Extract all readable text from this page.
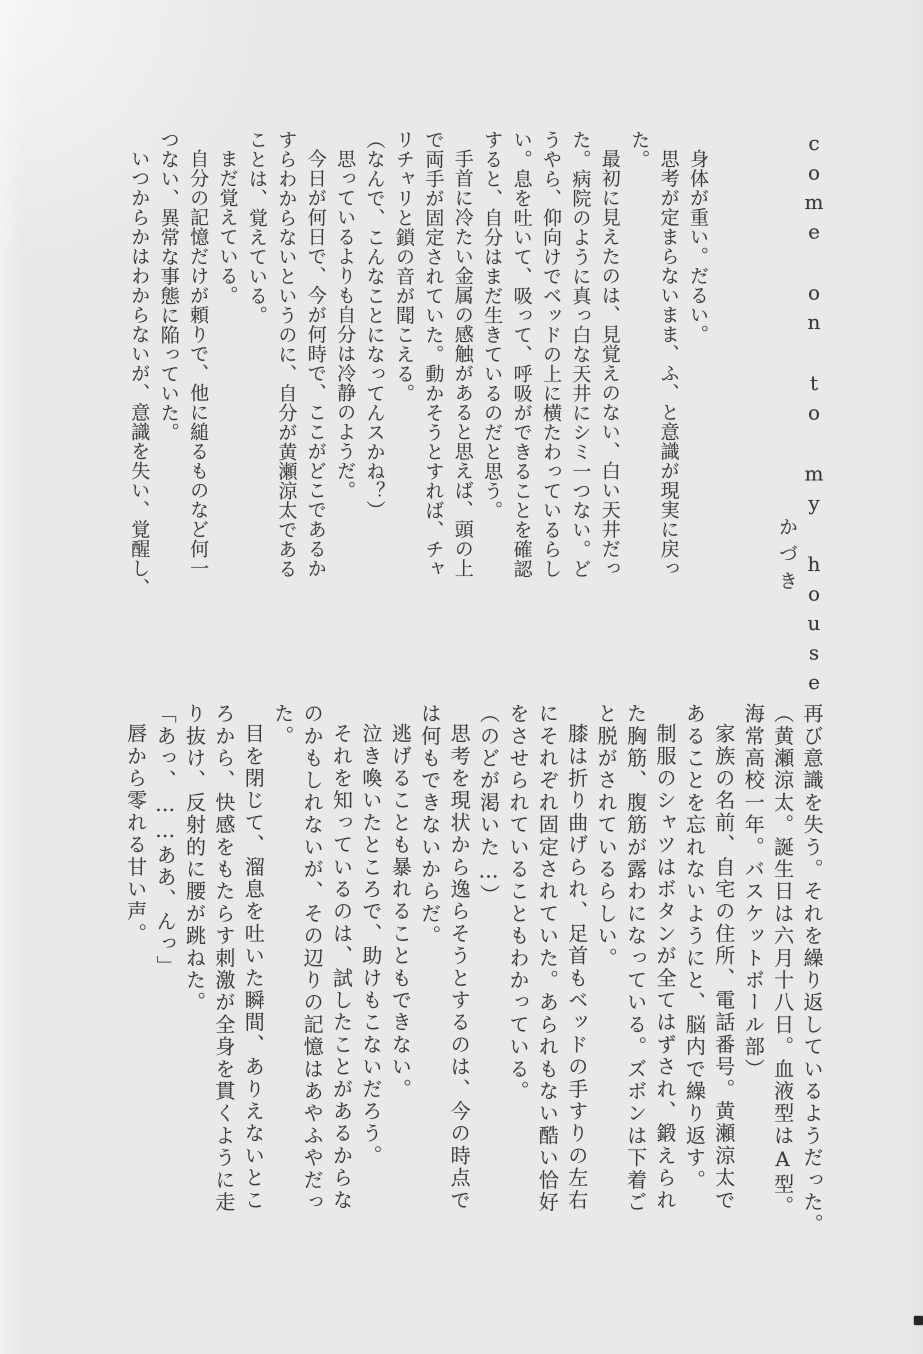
come on to my house

かづき

身体が重い。だるい。

思考が定まらないまま、ふ、と意識が現実に戻っ

た。

最初に見えたのは、見覚えのない、白い天井だっ

た。病院のように真っ白な天井にシミ一つない。ど

うやら、仰向けでベッドの上に横たわっているらし

い。息を吐いて、吸って、呼吸ができることを確認

すると、自分はまだ生きているのだと思う。

手首に冷たい金属の感触があると思えば、頭の上

で両手が固定されていた。動かそうとすれば、チャ

リチャリと鎖の音が聞こえる。

（なんで、こんなことになってんスかね？）

思っているよりも自分は冷静のようだ。

今日が何日で、今が何時で、ここがどこであるか

すらわからないというのに、自分が黄瀬涼太である

ことは、覚えている。

まだ覚えている。

自分の記憶だけが頼りで、他に縋るものなど何一

つない、異常な事態に陥っていた。

いつからかはわからないが、意識を失い、覚醒し、

再び意識を失う。それを繰り返しているようだった。

（黄瀬涼太。誕生日は六月十八日。血液型はA型。

海常高校一年。バスケットボール部）

家族の名前、自宅の住所、電話番号。黄瀬涼太で

あることを忘れないようにと、脳内で繰り返す。

制服のシャツはボタンが全てはずされ、鍛えられ

た胸筋、腹筋が露わになっている。ズボンは下着ご

と脱がされているらしい。

膝は折り曲げられ、足首もベッドの手すりの左右

にそれぞれ固定されていた。あられもない酷い恰好

をさせられていることもわかっている。

（のどが渇いた…）

思考を現状から逸らそうとするのは、今の時点で

は何もできないからだ。

逃げることも暴れることもできない。

泣き喚いたところで、助けもこないだろう。

それを知っているのは、試したことがあるからな

のかもしれないが、その辺りの記憶はあやふやだっ

た。

目を閉じて、溜息を吐いた瞬間、ありえないとこ

ろから、快感をもたらす刺激が全身を貫くように走

り抜け、反射的に腰が跳ねた。

「あっ、……ああ、んっ」

唇から零れる甘い声。
